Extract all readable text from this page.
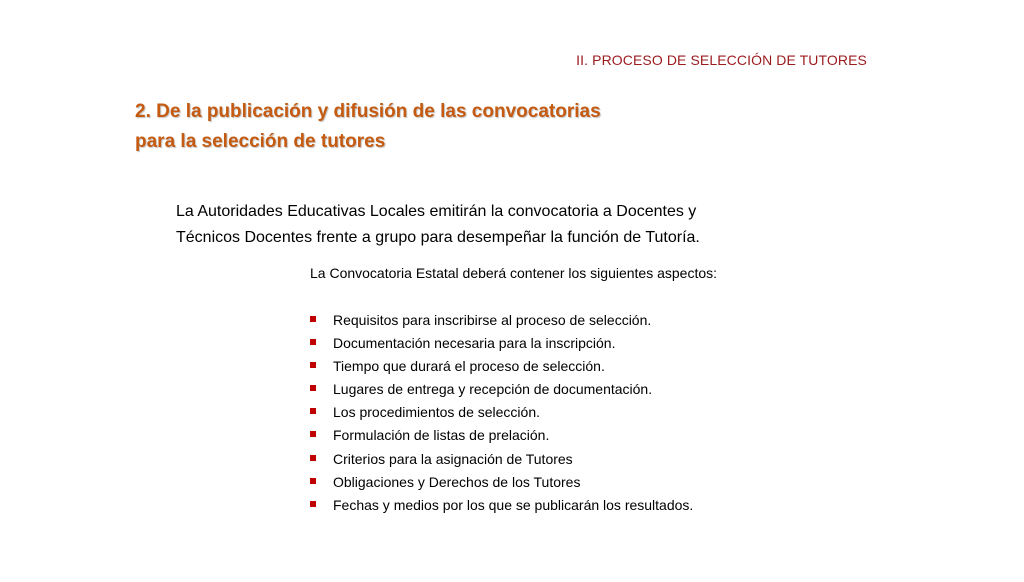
II. PROCESO DE SELECCIÓN DE TUTORES
2. De la publicación y difusión de las convocatorias
para la selección de tutores
La Autoridades Educativas Locales emitirán la convocatoria a Docentes y
Técnicos Docentes frente a grupo para desempeñar la función de Tutoría.
La Convocatoria Estatal deberá contener los siguientes aspectos:
Requisitos para inscribirse al proceso de selección.
Documentación necesaria para la inscripción.
Tiempo que durará el proceso de selección.
Lugares de entrega y recepción de documentación.
Los procedimientos de selección.
Formulación de listas de prelación.
Criterios para la asignación de Tutores
Obligaciones y Derechos de los Tutores
Fechas y medios por los que se publicarán los resultados.
